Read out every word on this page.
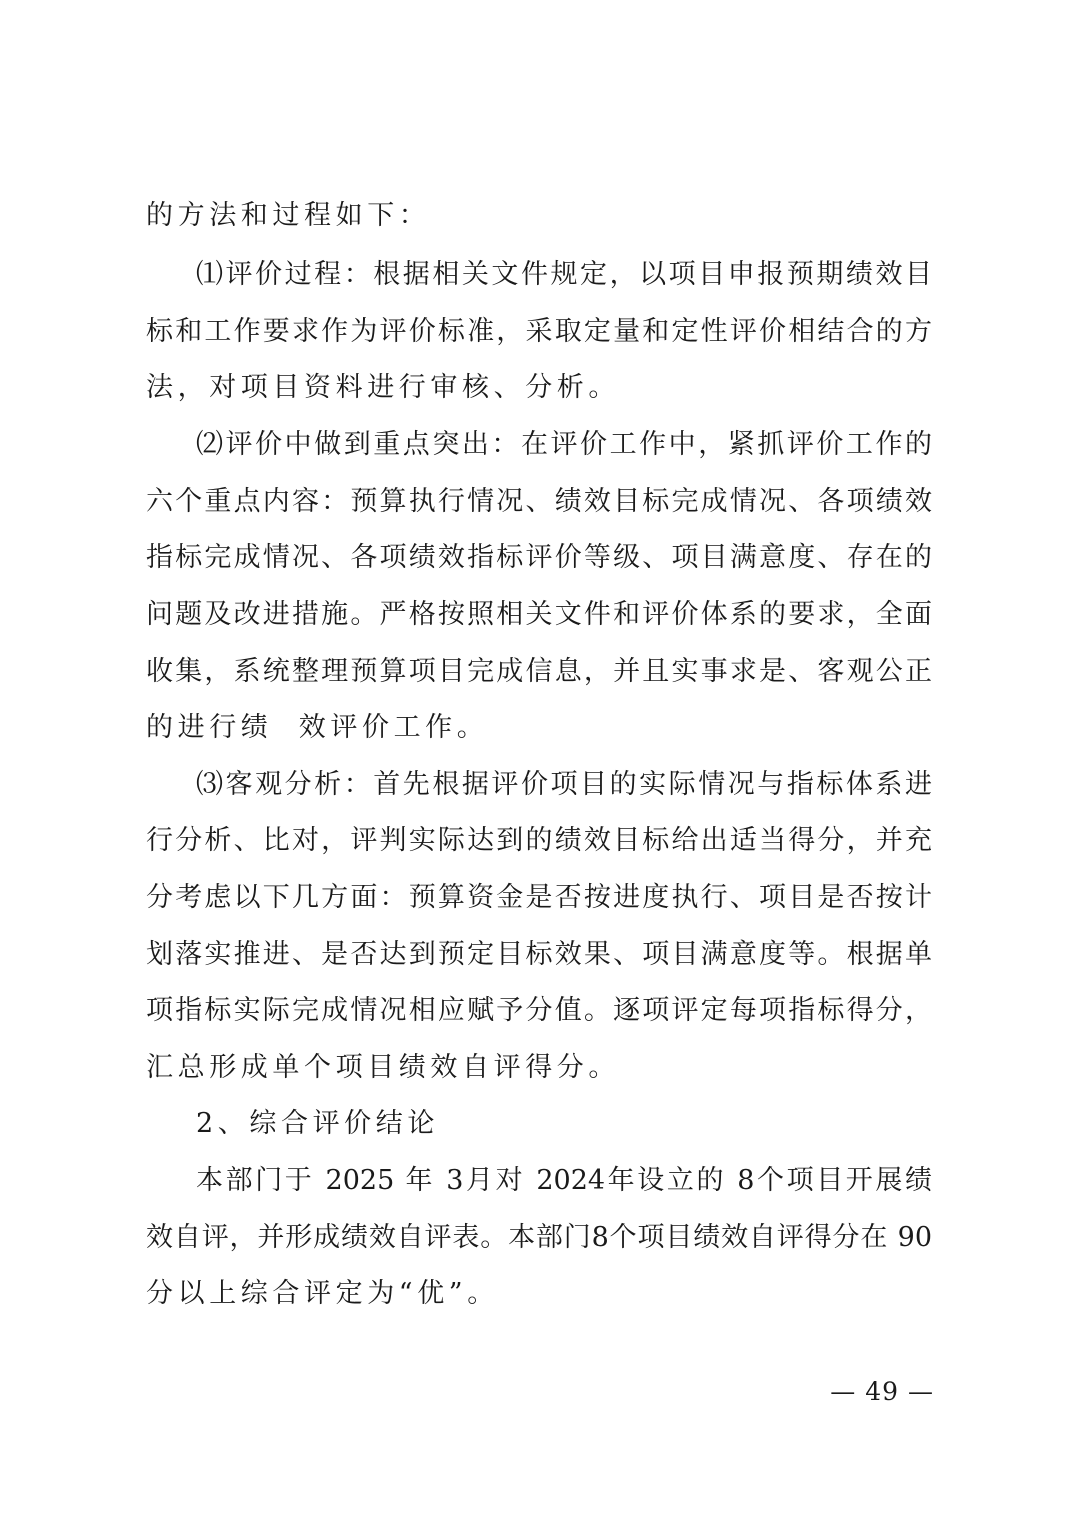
的方法和过程如下：
⑴评价过程：根据相关文件规定，以项目申报预期绩效目
标和工作要求作为评价标准，采取定量和定性评价相结合的方
法，对项目资料进行审核、分析。
⑵评价中做到重点突出：在评价工作中，紧抓评价工作的
六个重点内容：预算执行情况、绩效目标完成情况、各项绩效
指标完成情况、各项绩效指标评价等级、项目满意度、存在的
问题及改进措施。严格按照相关文件和评价体系的要求，全面
收集，系统整理预算项目完成信息，并且实事求是、客观公正
的进行绩  效评价工作。
⑶客观分析：首先根据评价项目的实际情况与指标体系进
行分析、比对，评判实际达到的绩效目标给出适当得分，并充
分考虑以下几方面：预算资金是否按进度执行、项目是否按计
划落实推进、是否达到预定目标效果、项目满意度等。根据单
项指标实际完成情况相应赋予分值。逐项评定每项指标得分，
汇总形成单个项目绩效自评得分。
2、综合评价结论
本部门于 2025 年 3月对 2024年设立的 8个项目开展绩
效自评，并形成绩效自评表。本部门8个项目绩效自评得分在 90
分以上综合评定为“优”。
— 49 —
